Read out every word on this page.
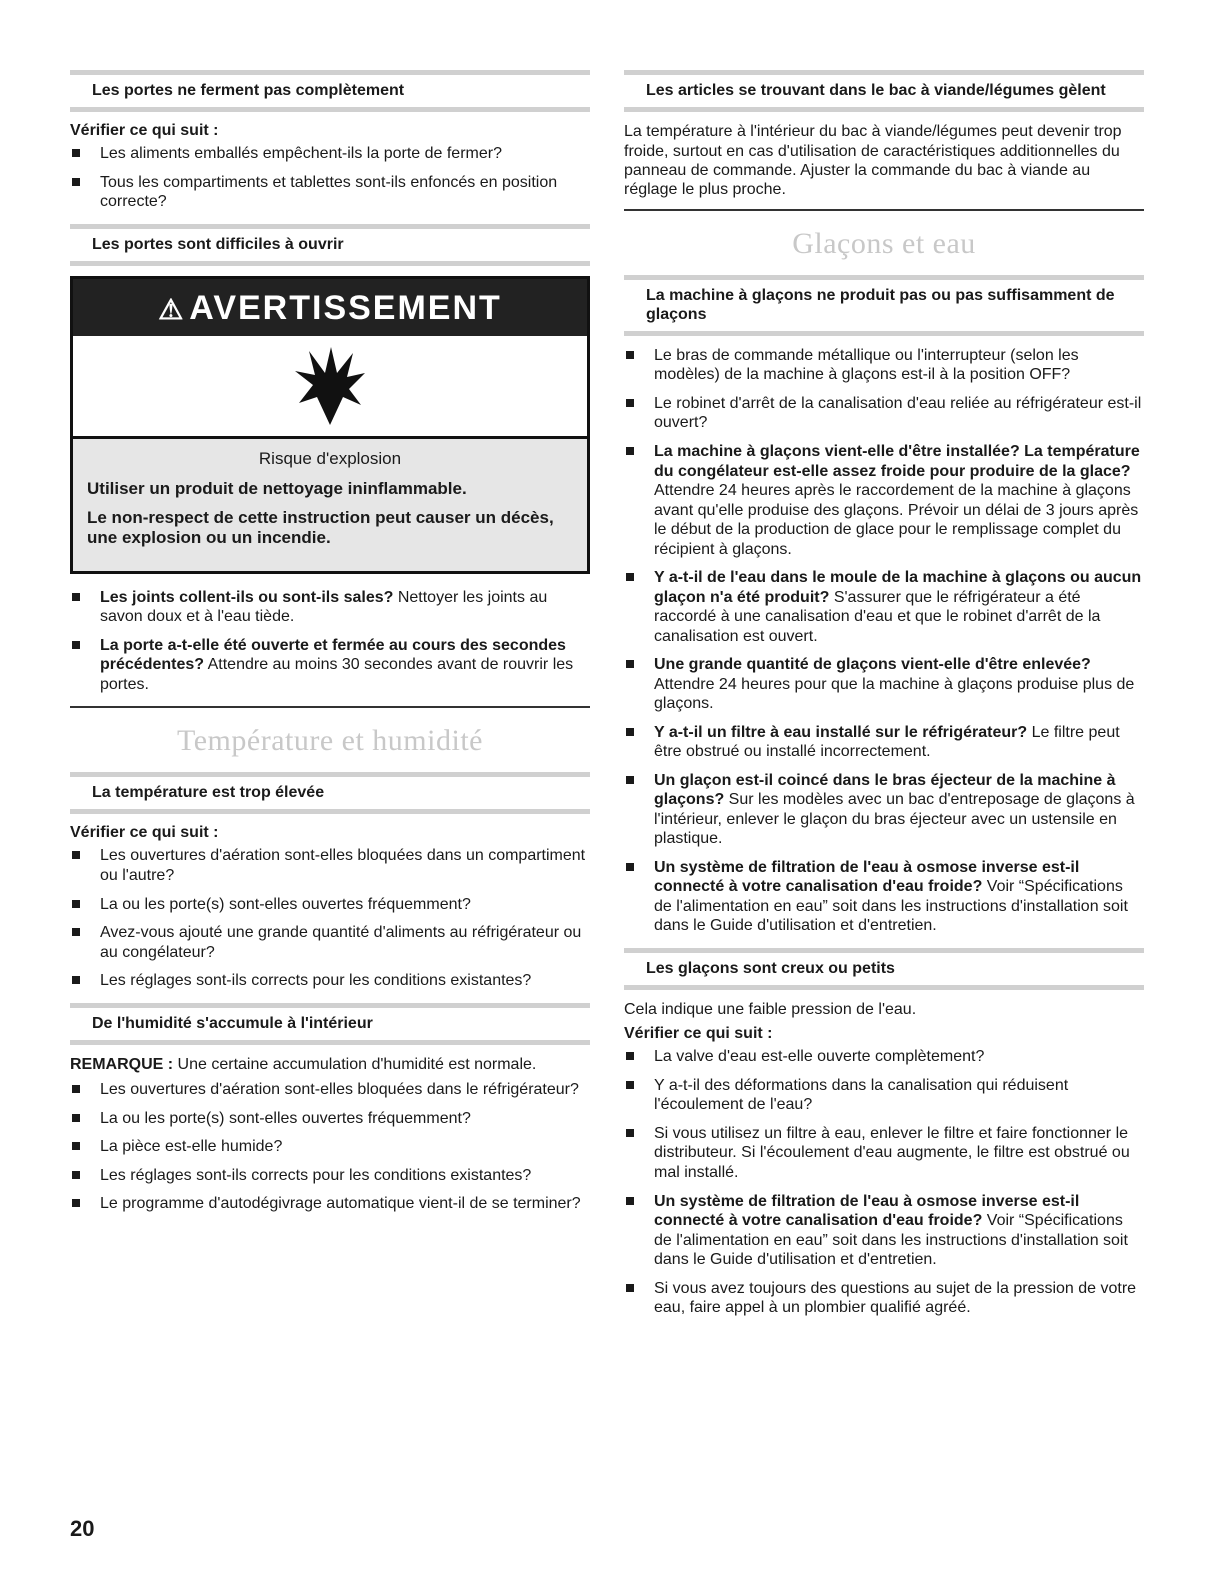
Les portes ne ferment pas complètement
Vérifier ce qui suit :
Les aliments emballés empêchent-ils la porte de fermer?
Tous les compartiments et tablettes sont-ils enfoncés en position correcte?
Les portes sont difficiles à ouvrir
⚠ AVERTISSEMENT
Risque d'explosion
Utiliser un produit de nettoyage ininflammable.
Le non-respect de cette instruction peut causer un décès, une explosion ou un incendie.
Les joints collent-ils ou sont-ils sales? Nettoyer les joints au savon doux et à l'eau tiède.
La porte a-t-elle été ouverte et fermée au cours des secondes précédentes? Attendre au moins 30 secondes avant de rouvrir les portes.
Température et humidité
La température est trop élevée
Vérifier ce qui suit :
Les ouvertures d'aération sont-elles bloquées dans un compartiment ou l'autre?
La ou les porte(s) sont-elles ouvertes fréquemment?
Avez-vous ajouté une grande quantité d'aliments au réfrigérateur ou au congélateur?
Les réglages sont-ils corrects pour les conditions existantes?
De l'humidité s'accumule à l'intérieur

REMARQUE : Une certaine accumulation d'humidité est normale.

Les ouvertures d'aération sont-elles bloquées dans le réfrigérateur?
La ou les porte(s) sont-elles ouvertes fréquemment?
La pièce est-elle humide?
Les réglages sont-ils corrects pour les conditions existantes?
Le programme d'autodégivrage automatique vient-il de se terminer?
Les articles se trouvant dans le bac à viande/légumes gèlent

La température à l'intérieur du bac à viande/légumes peut devenir trop froide, surtout en cas d'utilisation de caractéristiques additionnelles du panneau de commande. Ajuster la commande du bac à viande au réglage le plus proche.

Glaçons et eau
La machine à glaçons ne produit pas ou pas suffisamment de glaçons
Le bras de commande métallique ou l'interrupteur (selon les modèles) de la machine à glaçons est-il à la position OFF?
Le robinet d'arrêt de la canalisation d'eau reliée au réfrigérateur est-il ouvert?
La machine à glaçons vient-elle d'être installée? La température du congélateur est-elle assez froide pour produire de la glace? Attendre 24 heures après le raccordement de la machine à glaçons avant qu'elle produise des glaçons. Prévoir un délai de 3 jours après le début de la production de glace pour le remplissage complet du récipient à glaçons.
Y a-t-il de l'eau dans le moule de la machine à glaçons ou aucun glaçon n'a été produit? S'assurer que le réfrigérateur a été raccordé à une canalisation d'eau et que le robinet d'arrêt de la canalisation est ouvert.
Une grande quantité de glaçons vient-elle d'être enlevée? Attendre 24 heures pour que la machine à glaçons produise plus de glaçons.
Y a-t-il un filtre à eau installé sur le réfrigérateur? Le filtre peut être obstrué ou installé incorrectement.
Un glaçon est-il coincé dans le bras éjecteur de la machine à glaçons? Sur les modèles avec un bac d'entreposage de glaçons à l'intérieur, enlever le glaçon du bras éjecteur avec un ustensile en plastique.
Un système de filtration de l'eau à osmose inverse est-il connecté à votre canalisation d'eau froide? Voir “Spécifications de l'alimentation en eau” soit dans les instructions d'installation soit dans le Guide d'utilisation et d'entretien.
Les glaçons sont creux ou petits

Cela indique une faible pression de l'eau.

Vérifier ce qui suit :
La valve d'eau est-elle ouverte complètement?
Y a-t-il des déformations dans la canalisation qui réduisent l'écoulement de l'eau?
Si vous utilisez un filtre à eau, enlever le filtre et faire fonctionner le distributeur. Si l'écoulement d'eau augmente, le filtre est obstrué ou mal installé.
Un système de filtration de l'eau à osmose inverse est-il connecté à votre canalisation d'eau froide? Voir “Spécifications de l'alimentation en eau” soit dans les instructions d'installation soit dans le Guide d'utilisation et d'entretien.
Si vous avez toujours des questions au sujet de la pression de votre eau, faire appel à un plombier qualifié agréé.
20
